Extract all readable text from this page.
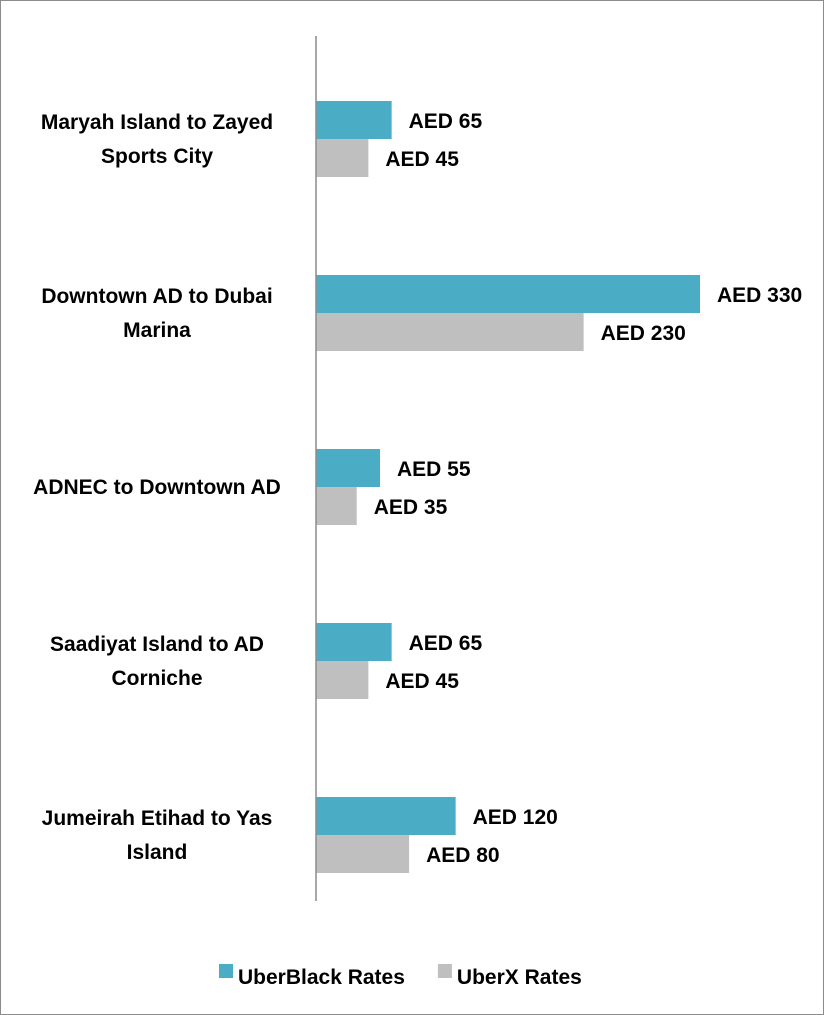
AED 65
AED 45
Maryah Island to Zayed Sports City
AED 330
AED 230
Downtown AD to Dubai Marina
AED 55
AED 35
ADNEC to Downtown AD
AED 65
AED 45
Saadiyat Island to AD Corniche
AED 120
AED 80
Jumeirah Etihad to Yas Island
UberBlack Rates UberX Rates
